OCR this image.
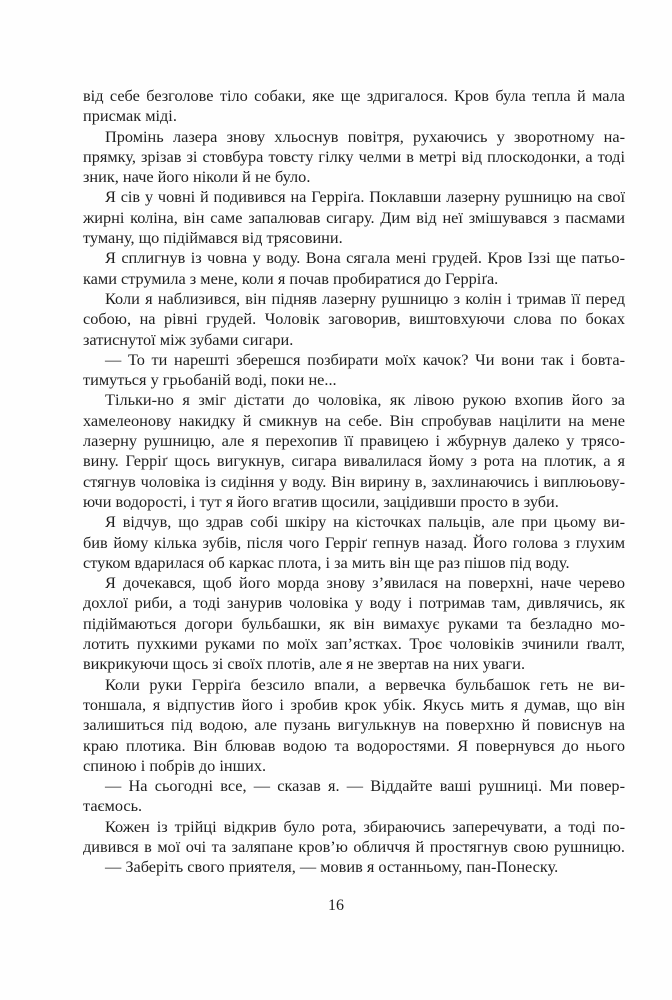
від себе безголове тіло собаки, яке ще здригалося. Кров була тепла й мала
присмак міді.
Промінь лазера знову хльоснув повітря, рухаючись у зворотному на-
прямку, зрізав зі стовбура товсту гілку челми в метрі від плоскодонки, а тоді
зник, наче його ніколи й не було.
Я сів у човні й подивився на Герріґа. Поклавши лазерну рушницю на свої
жирні коліна, він саме запалював сигару. Дим від неї змішувався з пасмами
туману, що підіймався від трясовини.
Я сплигнув із човна у воду. Вона сягала мені грудей. Кров Іззі ще патьо-
ками струмила з мене, коли я почав пробиратися до Герріґа.
Коли я наблизився, він підняв лазерну рушницю з колін і тримав її перед
собою, на рівні грудей. Чоловік заговорив, виштовхуючи слова по боках
затиснутої між зубами сигари.
— То ти нарешті зберешся позбирати моїх качок? Чи вони так і бовта-
тимуться у грьобаній воді, поки не...
Тільки-но я зміг дістати до чоловіка, як лівою рукою вхопив його за
хамелеонову накидку й смикнув на себе. Він спробував націлити на мене
лазерну рушницю, але я перехопив її правицею і жбурнув далеко у трясо-
вину. Герріґ щось вигукнув, сигара вивалилася йому з рота на плотик, а я
стягнув чоловіка із сидіння у воду. Він вирину в, захлинаючись і виплюьову-
ючи водорості, і тут я його вгатив щосили, зацідивши просто в зуби.
Я відчув, що здрав собі шкіру на кісточках пальців, але при цьому ви-
бив йому кілька зубів, після чого Герріґ гепнув назад. Його голова з глухим
стуком вдарилася об каркас плота, і за мить він ще раз пішов під воду.
Я дочекався, щоб його морда знову з’явилася на поверхні, наче черево
дохлої риби, а тоді занурив чоловіка у воду і потримав там, дивлячись, як
підіймаються догори бульбашки, як він вимахує руками та безладно мо-
лотить пухкими руками по моїх зап’ястках. Троє чоловіків зчинили ґвалт,
викрикуючи щось зі своїх плотів, але я не звертав на них уваги.
Коли руки Герріґа безсило впали, а вервечка бульбашок геть не ви-
тоншала, я відпустив його і зробив крок убік. Якусь мить я думав, що він
залишиться під водою, але пузань вигулькнув на поверхню й повиснув на
краю плотика. Він блював водою та водоростями. Я повернувся до нього
спиною і побрів до інших.
— На сьогодні все, — сказав я. — Віддайте ваші рушниці. Ми повер-
таємось.
Кожен із трійці відкрив було рота, збираючись заперечувати, а тоді по-
дивився в мої очі та заляпане кров’ю обличчя й простягнув свою рушницю.
— Заберіть свого приятеля, — мовив я останньому, пан-Понеску.
16
